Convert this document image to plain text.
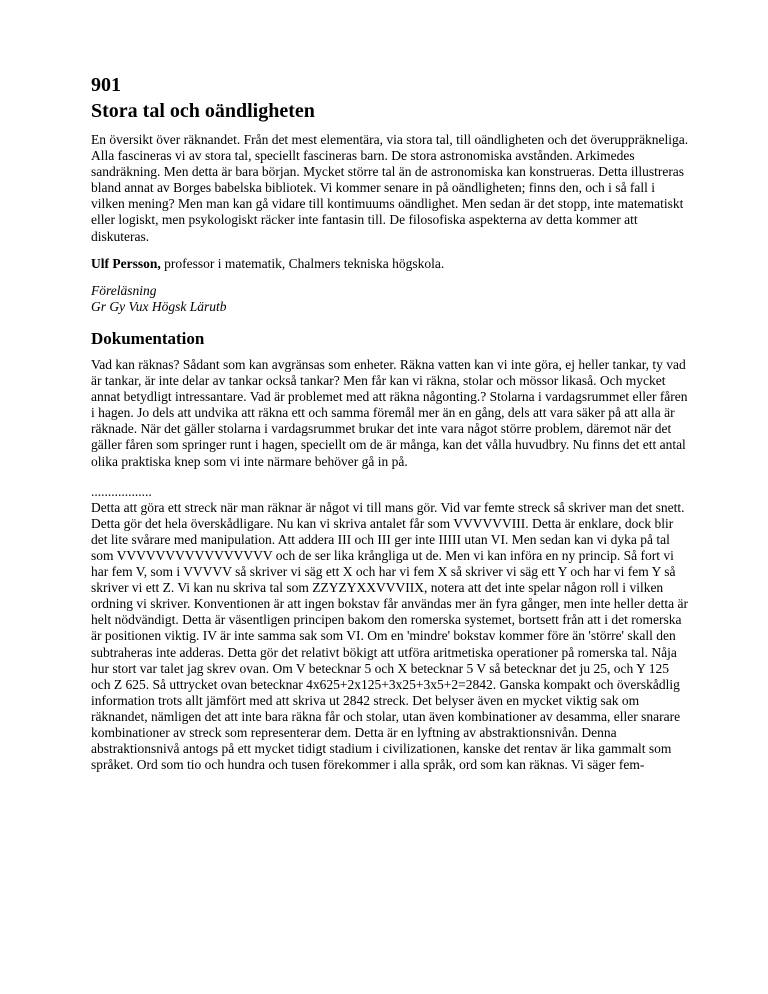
901
Stora tal och oändligheten

En översikt över räknandet. Från det mest elementära, via stora tal, till oändligheten och det överuppräkneliga.
Alla fascineras vi av stora tal, speciellt fascineras barn. De stora astronomiska avstånden. Arkimedes sandräkning. Men detta är bara början. Mycket större tal än de astronomiska kan konstrueras. Detta illustreras bland annat av Borges babelska bibliotek. Vi kommer senare in på oändligheten; finns den, och i så fall i vilken mening? Men man kan gå vidare till kontimuums oändlighet. Men sedan är det stopp, inte matematiskt eller logiskt, men psykologiskt räcker inte fantasin till. De filosofiska aspekterna av detta kommer att diskuteras.

Ulf Persson, professor i matematik, Chalmers tekniska högskola.

Föreläsning
Gr Gy Vux Högsk Lärutb

Dokumentation

Vad kan räknas? Sådant som kan avgränsas som enheter. Räkna vatten kan vi inte göra, ej heller tankar, ty vad är tankar, är inte delar av tankar också tankar? Men får kan vi räkna, stolar och mössor likaså. Och mycket annat betydligt intressantare. Vad är problemet med att räkna någonting.? Stolarna i vardagsrummet eller fåren i hagen. Jo dels att undvika att räkna ett och samma föremål mer än en gång, dels att vara säker på att alla är räknade. När det gäller stolarna i vardagsrummet brukar det inte vara något större problem, däremot när det gäller fåren som springer runt i hagen, speciellt om de är många, kan det vålla huvudbry. Nu finns det ett antal olika praktiska knep som vi inte närmare behöver gå in på.

..................
Detta att göra ett streck när man räknar är något vi till mans gör. Vid var femte streck så skriver man det snett. Detta gör det hela överskådligare. Nu kan vi skriva antalet får som VVVVVVIII. Detta är enklare, dock blir det lite svårare med manipulation. Att addera III och III ger inte IIIII utan VI. Men sedan kan vi dyka på tal som VVVVVVVVVVVVVVVV och de ser lika krångliga ut de. Men vi kan införa en ny princip. Så fort vi har fem V, som i VVVVV så skriver vi säg ett X och har vi fem X så skriver vi säg ett Y och har vi fem Y så skriver vi ett Z. Vi kan nu skriva tal som ZZYZYXXVVVIIX, notera att det inte spelar någon roll i vilken ordning vi skriver. Konventionen är att ingen bokstav får användas mer än fyra gånger, men inte heller detta är helt nödvändigt. Detta är väsentligen principen bakom den romerska systemet, bortsett från att i det romerska är positionen viktig. IV är inte samma sak som VI. Om en 'mindre' bokstav kommer före än 'större' skall den subtraheras inte adderas. Detta gör det relativt bökigt att utföra aritmetiska operationer på romerska tal. Nåja hur stort var talet jag skrev ovan. Om V betecknar 5 och X betecknar 5 V så betecknar det ju 25, och Y 125 och Z 625. Så uttrycket ovan betecknar 4x625+2x125+3x25+3x5+2=2842. Ganska kompakt och överskådlig information trots allt jämfört med att skriva ut 2842 streck. Det belyser även en mycket viktig sak om räknandet, nämligen det att inte bara räkna får och stolar, utan även kombinationer av desamma, eller snarare kombinationer av streck som representerar dem. Detta är en lyftning av abstraktionsnivån. Denna abstraktionsnivå antogs på ett mycket tidigt stadium i civilizationen, kanske det rentav är lika gammalt som språket. Ord som tio och hundra och tusen förekommer i alla språk, ord som kan räknas. Vi säger fem-
